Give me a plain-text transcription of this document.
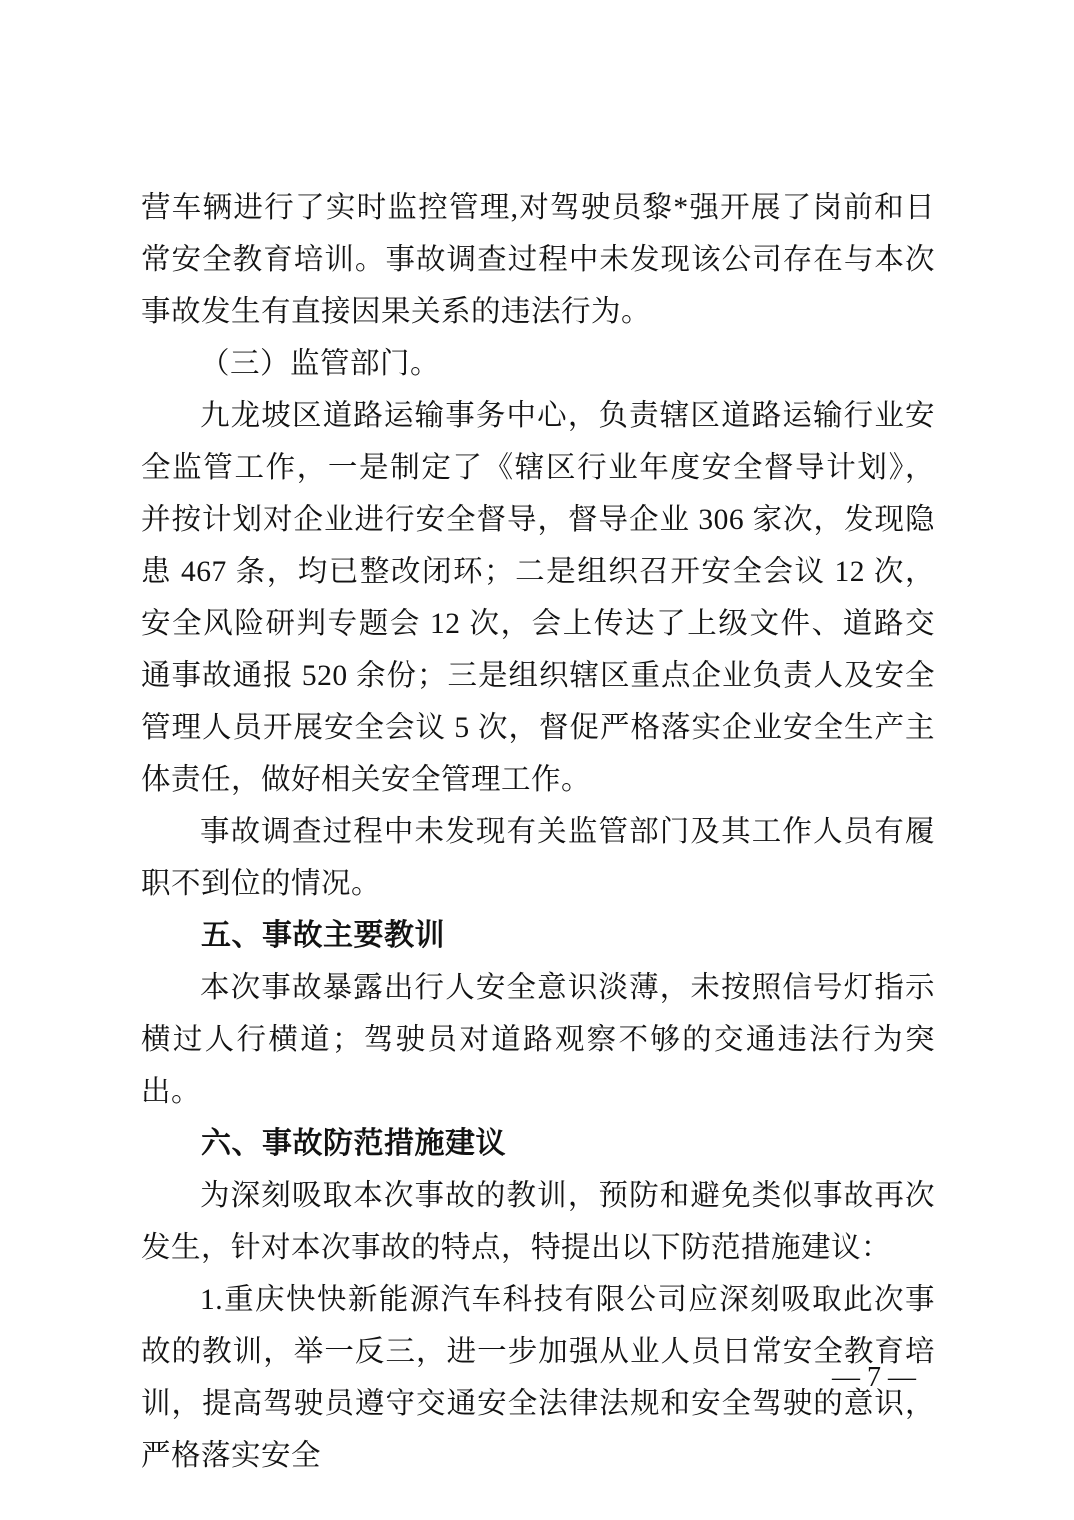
营车辆进行了实时监控管理,对驾驶员黎*强开展了岗前和日常安全教育培训。事故调查过程中未发现该公司存在与本次事故发生有直接因果关系的违法行为。

（三）监管部门。

九龙坡区道路运输事务中心，负责辖区道路运输行业安全监管工作，一是制定了《辖区行业年度安全督导计划》，并按计划对企业进行安全督导，督导企业 306 家次，发现隐患 467 条，均已整改闭环；二是组织召开安全会议 12 次，安全风险研判专题会 12 次，会上传达了上级文件、道路交通事故通报 520 余份；三是组织辖区重点企业负责人及安全管理人员开展安全会议 5 次，督促严格落实企业安全生产主体责任，做好相关安全管理工作。

事故调查过程中未发现有关监管部门及其工作人员有履职不到位的情况。

五、事故主要教训

本次事故暴露出行人安全意识淡薄，未按照信号灯指示横过人行横道；驾驶员对道路观察不够的交通违法行为突出。

六、事故防范措施建议

为深刻吸取本次事故的教训，预防和避免类似事故再次发生，针对本次事故的特点，特提出以下防范措施建议：

1.重庆快快新能源汽车科技有限公司应深刻吸取此次事故的教训，举一反三，进一步加强从业人员日常安全教育培训，提高驾驶员遵守交通安全法律法规和安全驾驶的意识，严格落实安全

— 7 —
